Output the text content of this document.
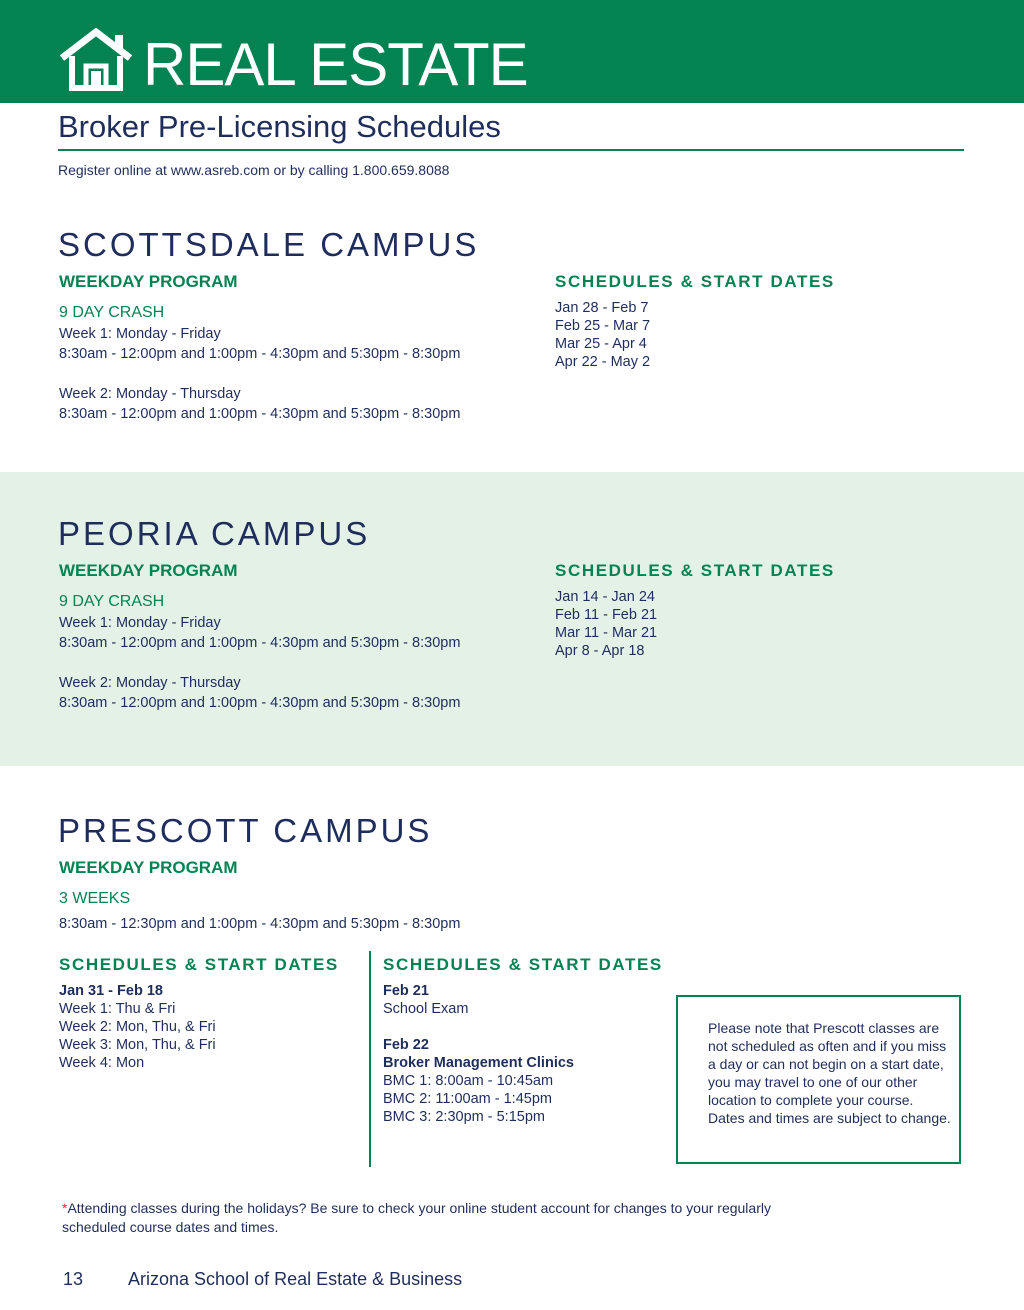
REAL ESTATE
Broker Pre-Licensing Schedules
Register online at www.asreb.com or by calling 1.800.659.8088
SCOTTSDALE CAMPUS
WEEKDAY PROGRAM
9 DAY CRASH
Week 1: Monday - Friday
8:30am - 12:00pm and 1:00pm - 4:30pm and 5:30pm - 8:30pm
Week 2: Monday - Thursday
8:30am - 12:00pm and 1:00pm - 4:30pm and 5:30pm - 8:30pm
SCHEDULES & START DATES
Jan 28 - Feb 7
Feb 25 - Mar 7
Mar 25 - Apr 4
Apr 22 - May 2
PEORIA CAMPUS
WEEKDAY PROGRAM
9 DAY CRASH
Week 1: Monday - Friday
8:30am - 12:00pm and 1:00pm - 4:30pm and 5:30pm - 8:30pm
Week 2: Monday - Thursday
8:30am - 12:00pm and 1:00pm - 4:30pm and 5:30pm - 8:30pm
SCHEDULES & START DATES
Jan 14 - Jan 24
Feb 11 - Feb 21
Mar 11 - Mar 21
Apr 8 - Apr 18
PRESCOTT CAMPUS
WEEKDAY PROGRAM
3 WEEKS
8:30am - 12:30pm and 1:00pm - 4:30pm and 5:30pm - 8:30pm
SCHEDULES & START DATES
Jan 31 - Feb 18
Week 1: Thu & Fri
Week 2: Mon, Thu, & Fri
Week 3: Mon, Thu, & Fri
Week 4: Mon
SCHEDULES & START DATES
Feb 21
School Exam
Feb 22
Broker Management Clinics
BMC 1: 8:00am - 10:45am
BMC 2: 11:00am - 1:45pm
BMC 3: 2:30pm - 5:15pm
Please note that Prescott classes are not scheduled as often and if you miss a day or can not begin on a start date, you may travel to one of our other location to complete your course. Dates and times are subject to change.
*Attending classes during the holidays? Be sure to check your online student account for changes to your regularly scheduled course dates and times.
13 Arizona School of Real Estate & Business
